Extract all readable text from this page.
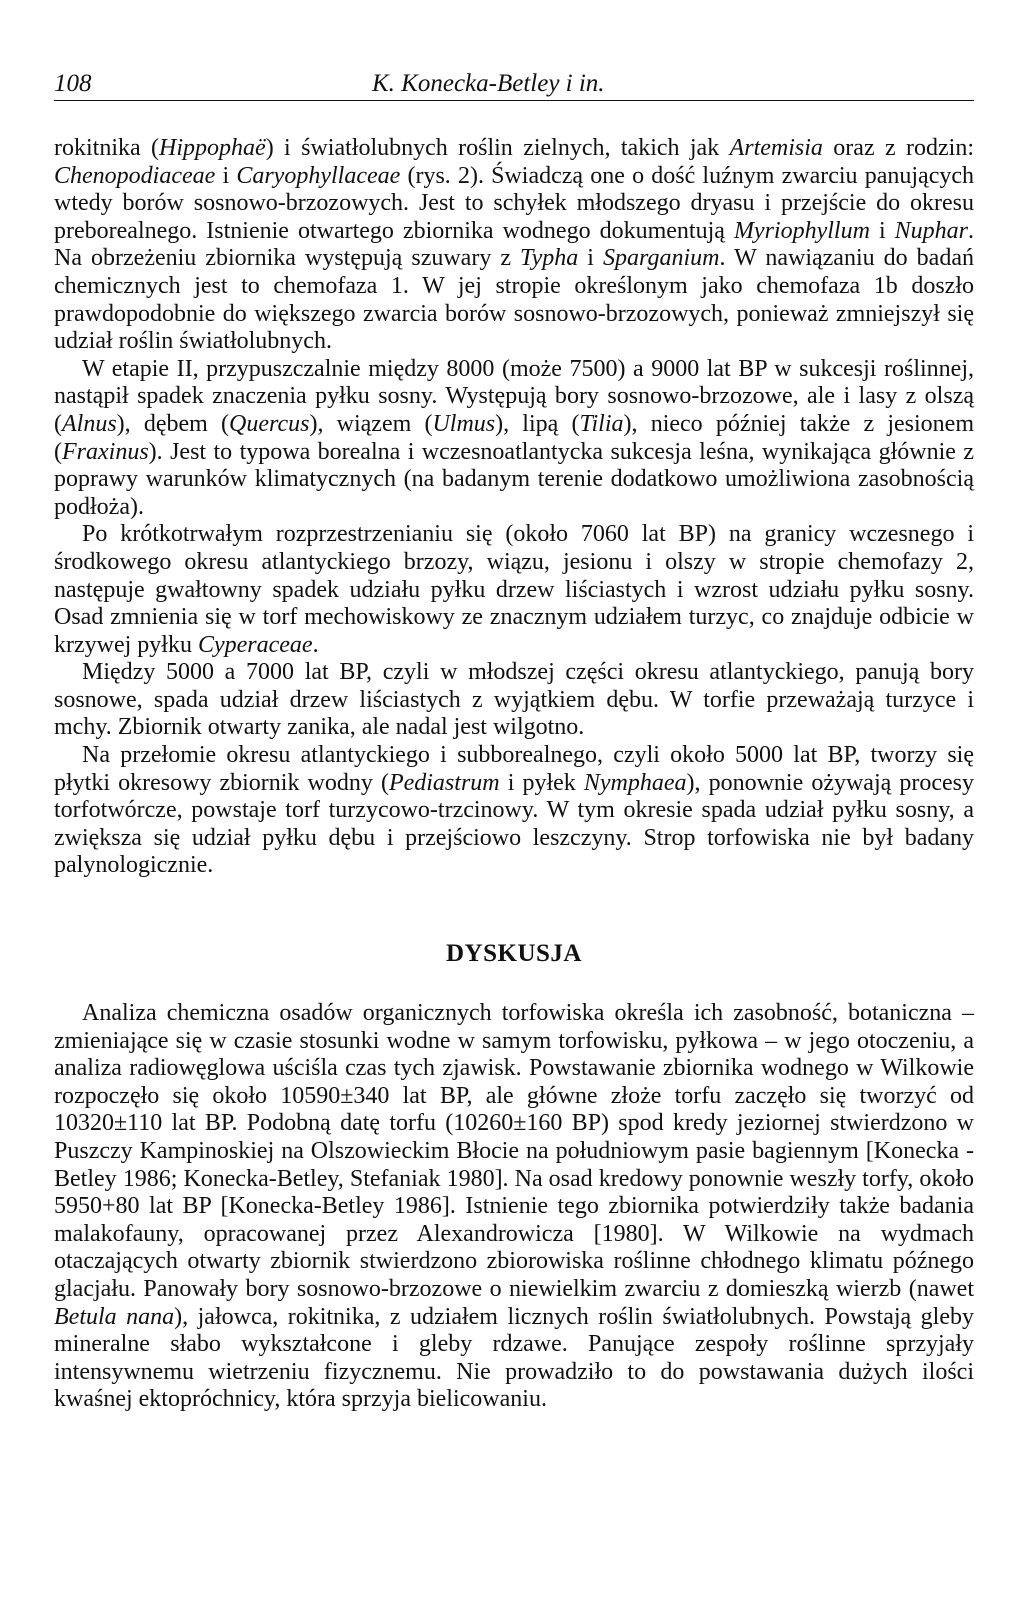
108	K. Konecka-Betley i in.

rokitnika (Hippophaë) i światłolubnych roślin zielnych, takich jak Artemisia oraz z rodzin: Chenopodiaceae i Caryophyllaceae (rys. 2). Świadczą one o dość luźnym zwarciu panujących wtedy borów sosnowo-brzozowych. Jest to schyłek młodszego dryasu i przejście do okresu preborealnego. Istnienie otwartego zbiornika wodnego dokumentują Myriophyllum i Nuphar. Na obrzeżeniu zbiornika występują szuwary z Typha i Sparganium. W nawiązaniu do badań chemicznych jest to chemofaza 1. W jej stropie określonym jako chemofaza 1b doszło prawdopodobnie do większego zwarcia borów sosnowo-brzozowych, ponieważ zmniejszył się udział roślin światłolubnych.

W etapie II, przypuszczalnie między 8000 (może 7500) a 9000 lat BP w sukcesji roślinnej, nastąpił spadek znaczenia pyłku sosny. Występują bory sosnowo-brzozowe, ale i lasy z olszą (Alnus), dębem (Quercus), wiązem (Ulmus), lipą (Tilia), nieco później także z jesionem (Fraxinus). Jest to typowa borealna i wczesnoatlantycka sukcesja leśna, wynikająca głównie z poprawy warunków klimatycznych (na badanym terenie dodatkowo umożliwiona zasobnością podłoża).

Po krótkotrwałym rozprzestrzenianiu się (około 7060 lat BP) na granicy wczesnego i środkowego okresu atlantyckiego brzozy, wiązu, jesionu i olszy w stropie chemofazy 2, następuje gwałtowny spadek udziału pyłku drzew liściastych i wzrost udziału pyłku sosny. Osad zmnienia się w torf mechowiskowy ze znacznym udziałem turzyc, co znajduje odbicie w krzywej pyłku Cyperaceae.

Między 5000 a 7000 lat BP, czyli w młodszej części okresu atlantyckiego, panują bory sosnowe, spada udział drzew liściastych z wyjątkiem dębu. W torfie przeważają turzyce i mchy. Zbiornik otwarty zanika, ale nadal jest wilgotno.

Na przełomie okresu atlantyckiego i subborealnego, czyli około 5000 lat BP, tworzy się płytki okresowy zbiornik wodny (Pediastrum i pyłek Nymphaea), ponownie ożywają procesy torfotwórcze, powstaje torf turzycowo-trzcinowy. W tym okresie spada udział pyłku sosny, a zwiększa się udział pyłku dębu i przejściowo leszczyny. Strop torfowiska nie był badany palynologicznie.

DYSKUSJA

Analiza chemiczna osadów organicznych torfowiska określa ich zasobność, botaniczna – zmieniające się w czasie stosunki wodne w samym torfowisku, pyłkowa – w jego otoczeniu, a analiza radiowęglowa uściśla czas tych zjawisk. Powstawanie zbiornika wodnego w Wilkowie rozpoczęło się około 10590±340 lat BP, ale główne złoże torfu zaczęło się tworzyć od 10320±110 lat BP. Podobną datę torfu (10260±160 BP) spod kredy jeziornej stwierdzono w Puszczy Kampinoskiej na Olszowieckim Błocie na południowym pasie bagiennym [Konecka - Betley 1986; Konecka-Betley, Stefaniak 1980]. Na osad kredowy ponownie weszły torfy, około 5950+80 lat BP [Konecka-Betley 1986]. Istnienie tego zbiornika potwierdziły także badania malakofauny, opracowanej przez Alexandrowicza [1980]. W Wilkowie na wydmach otaczających otwarty zbiornik stwierdzono zbiorowiska roślinne chłodnego klimatu późnego glacjału. Panowały bory sosnowo-brzozowe o niewielkim zwarciu z domieszką wierzb (nawet Betula nana), jałowca, rokitnika, z udziałem licznych roślin światłolubnych. Powstają gleby mineralne słabo wykształcone i gleby rdzawe. Panujące zespoły roślinne sprzyjały intensywnemu wietrzeniu fizycznemu. Nie prowadziło to do powstawania dużych ilości kwaśnej ektopróchnicy, która sprzyja bielicowaniu.
